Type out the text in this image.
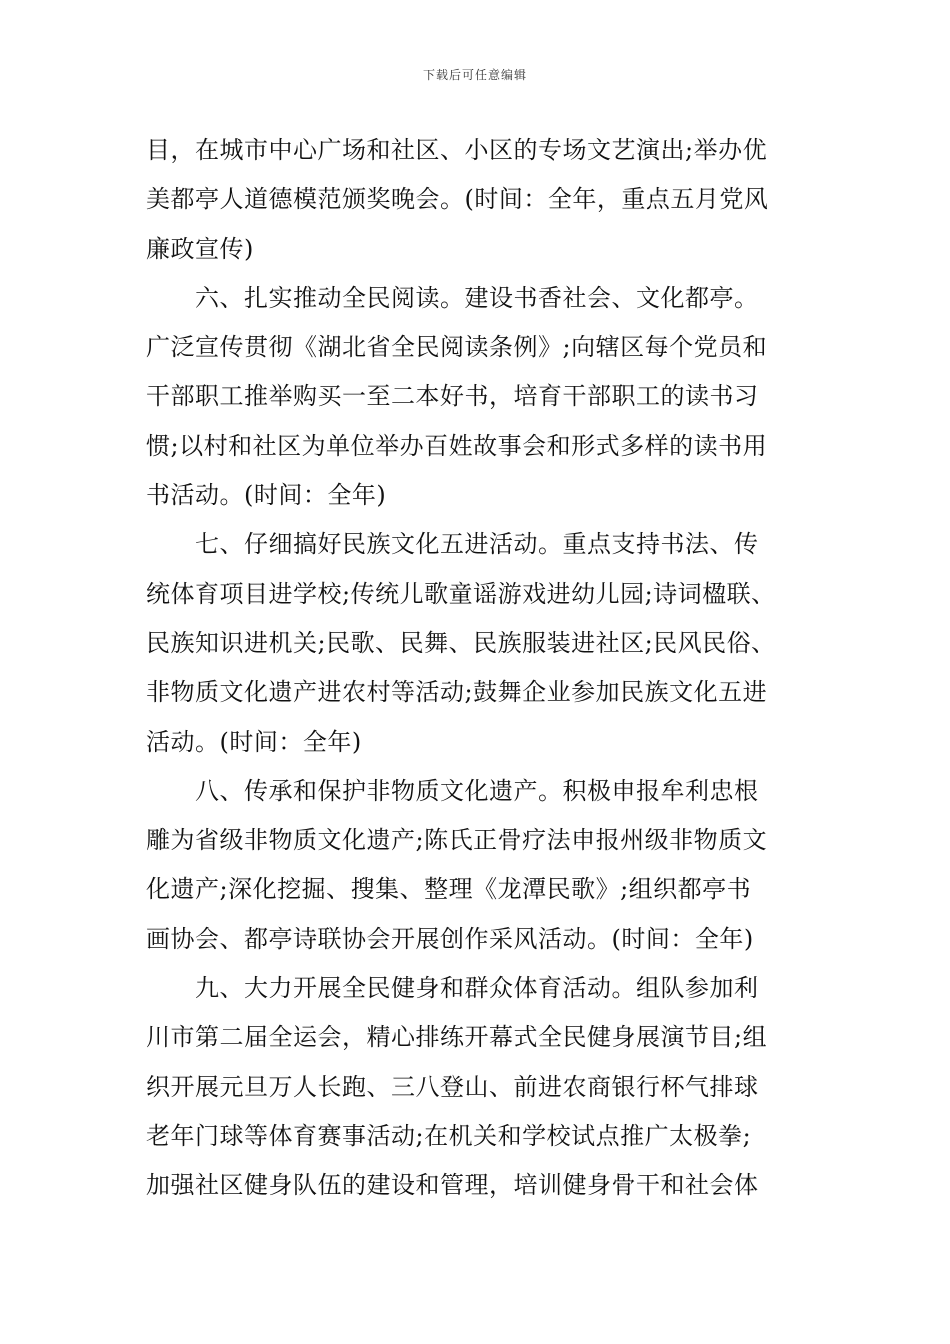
下载后可任意编辑
目，在城市中心广场和社区、小区的专场文艺演出;举办优
美都亭人道德模范颁奖晚会。(时间：全年，重点五月党风
廉政宣传)
　　六、扎实推动全民阅读。建设书香社会、文化都亭。
广泛宣传贯彻《湖北省全民阅读条例》;向辖区每个党员和
干部职工推举购买一至二本好书，培育干部职工的读书习
惯;以村和社区为单位举办百姓故事会和形式多样的读书用
书活动。(时间：全年)
　　七、仔细搞好民族文化五进活动。重点支持书法、传
统体育项目进学校;传统儿歌童谣游戏进幼儿园;诗词楹联、
民族知识进机关;民歌、民舞、民族服装进社区;民风民俗、
非物质文化遗产进农村等活动;鼓舞企业参加民族文化五进
活动。(时间：全年)
　　八、传承和保护非物质文化遗产。积极申报牟利忠根
雕为省级非物质文化遗产;陈氏正骨疗法申报州级非物质文
化遗产;深化挖掘、搜集、整理《龙潭民歌》;组织都亭书
画协会、都亭诗联协会开展创作采风活动。(时间：全年)
　　九、大力开展全民健身和群众体育活动。组队参加利
川市第二届全运会，精心排练开幕式全民健身展演节目;组
织开展元旦万人长跑、三八登山、前进农商银行杯气排球
老年门球等体育赛事活动;在机关和学校试点推广太极拳;
加强社区健身队伍的建设和管理，培训健身骨干和社会体
